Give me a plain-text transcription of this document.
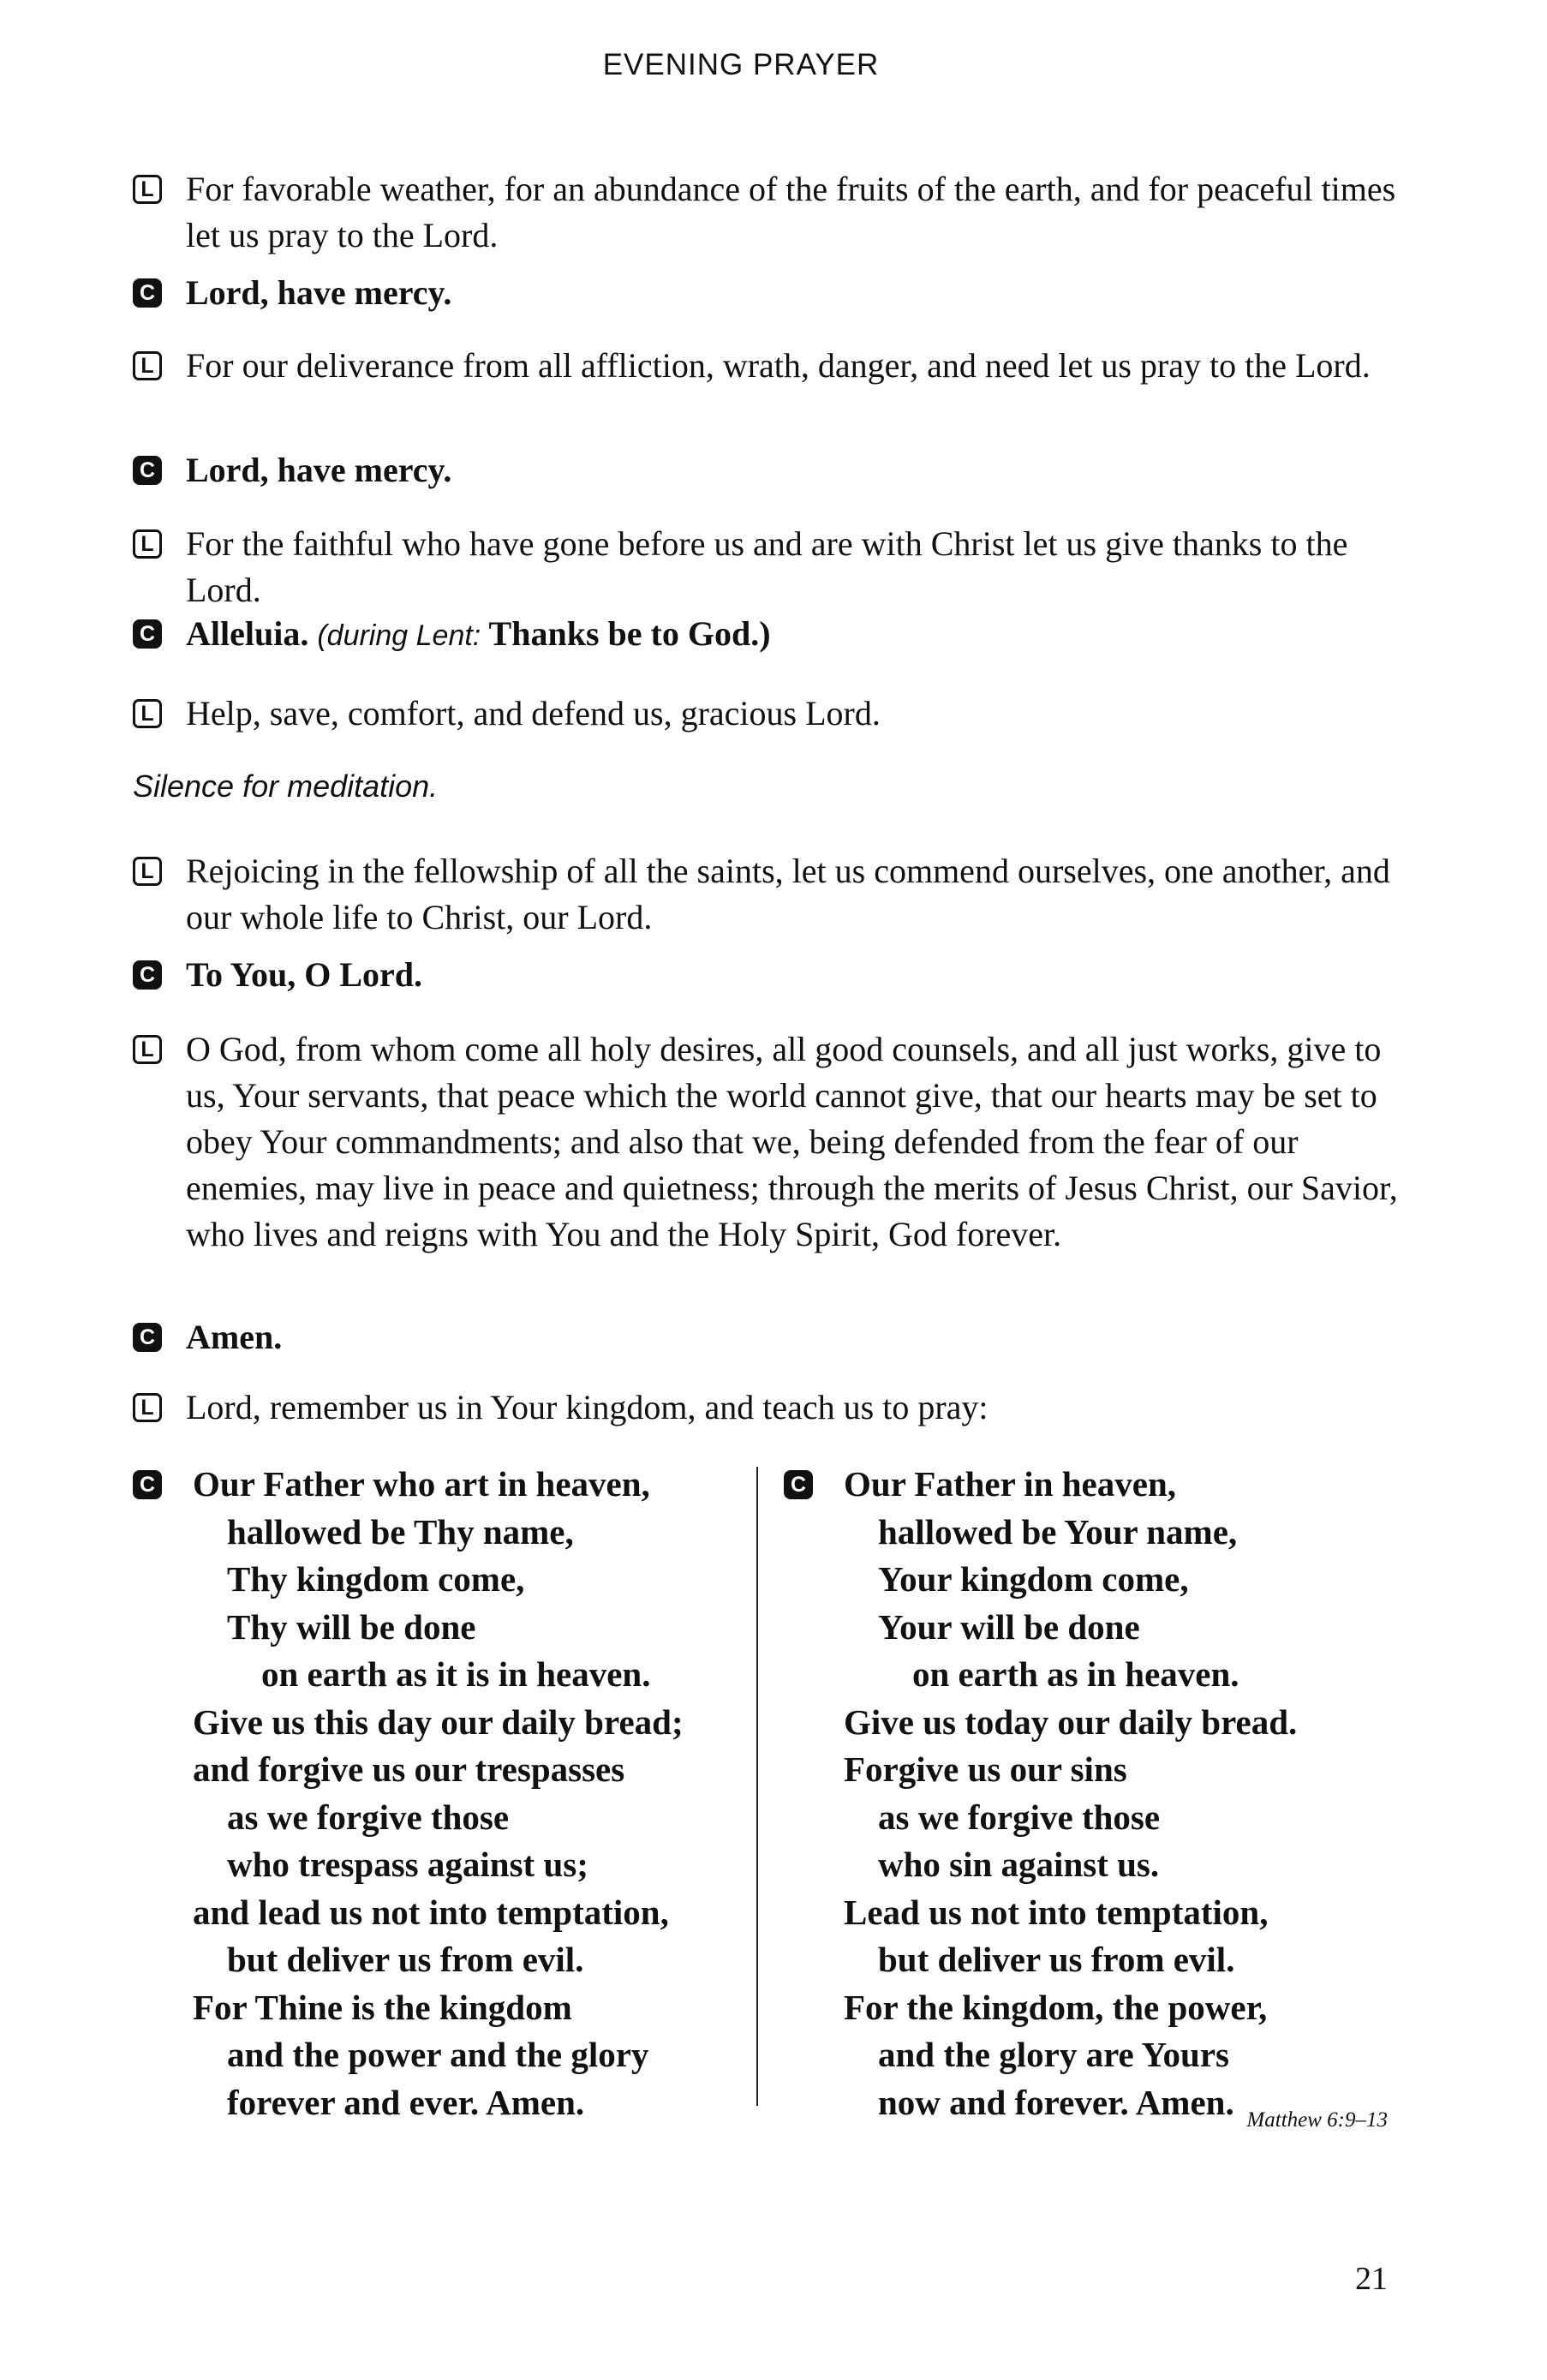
EVENING PRAYER
L For favorable weather, for an abundance of the fruits of the earth, and for peaceful times let us pray to the Lord.
C Lord, have mercy.
L For our deliverance from all affliction, wrath, danger, and need let us pray to the Lord.
C Lord, have mercy.
L For the faithful who have gone before us and are with Christ let us give thanks to the Lord.
C Alleluia. (during Lent: Thanks be to God.)
L Help, save, comfort, and defend us, gracious Lord.
Silence for meditation.
L Rejoicing in the fellowship of all the saints, let us commend ourselves, one another, and our whole life to Christ, our Lord.
C To You, O Lord.
L O God, from whom come all holy desires, all good counsels, and all just works, give to us, Your servants, that peace which the world cannot give, that our hearts may be set to obey Your commandments; and also that we, being defended from the fear of our enemies, may live in peace and quietness; through the merits of Jesus Christ, our Savior, who lives and reigns with You and the Holy Spirit, God forever.
C Amen.
L Lord, remember us in Your kingdom, and teach us to pray:
C	Our Father who art in heaven,
hallowed be Thy name,
Thy kingdom come,
Thy will be done
on earth as it is in heaven.
Give us this day our daily bread;
and forgive us our trespasses
as we forgive those
who trespass against us;
and lead us not into temptation,
but deliver us from evil.
For Thine is the kingdom
and the power and the glory
forever and ever. Amen.
C	Our Father in heaven,
hallowed be Your name,
Your kingdom come,
Your will be done
on earth as in heaven.
Give us today our daily bread.
Forgive us our sins
as we forgive those
who sin against us.
Lead us not into temptation,
but deliver us from evil.
For the kingdom, the power,
and the glory are Yours
now and forever. Amen. Matthew 6:9–13
21
